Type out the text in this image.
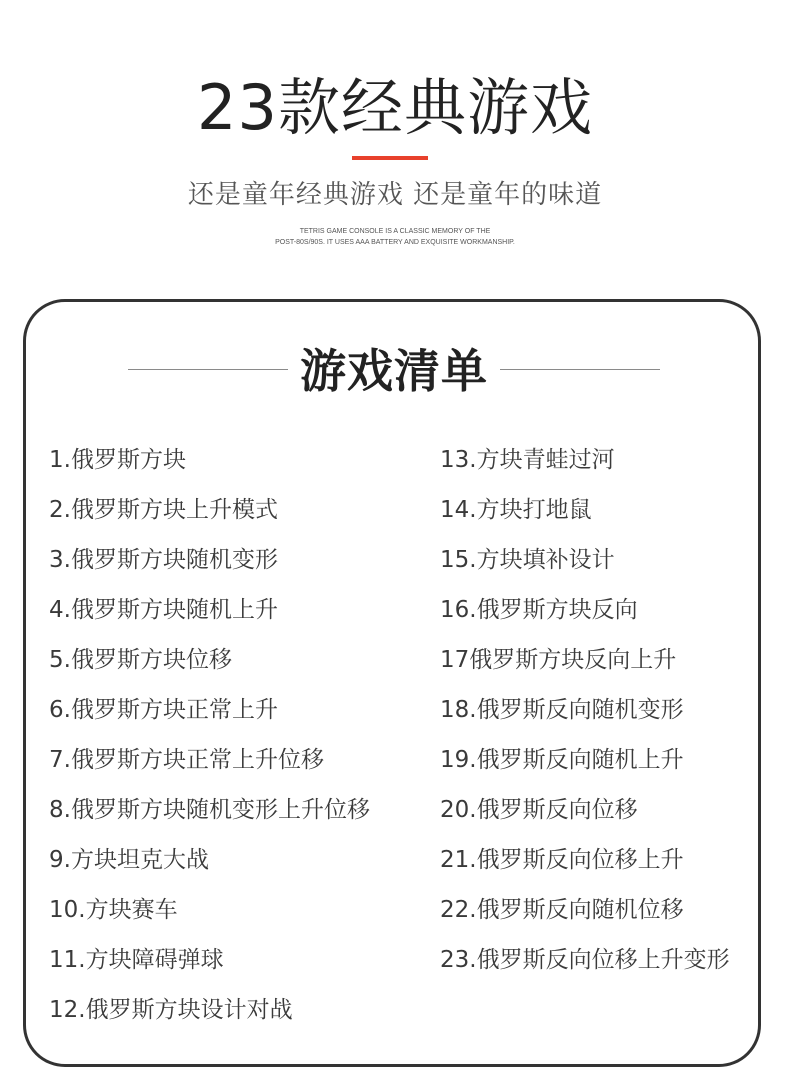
23款经典游戏
还是童年经典游戏 还是童年的味道
TETRIS GAME CONSOLE IS A CLASSIC MEMORY OF THE
POST-80S/90S. IT USES AAA BATTERY AND EXQUISITE WORKMANSHIP.
游戏清单
1.俄罗斯方块
2.俄罗斯方块上升模式
3.俄罗斯方块随机变形
4.俄罗斯方块随机上升
5.俄罗斯方块位移
6.俄罗斯方块正常上升
7.俄罗斯方块正常上升位移
8.俄罗斯方块随机变形上升位移
9.方块坦克大战
10.方块赛车
11.方块障碍弹球
12.俄罗斯方块设计对战
13.方块青蛙过河
14.方块打地鼠
15.方块填补设计
16.俄罗斯方块反向
17俄罗斯方块反向上升
18.俄罗斯反向随机变形
19.俄罗斯反向随机上升
20.俄罗斯反向位移
21.俄罗斯反向位移上升
22.俄罗斯反向随机位移
23.俄罗斯反向位移上升变形
